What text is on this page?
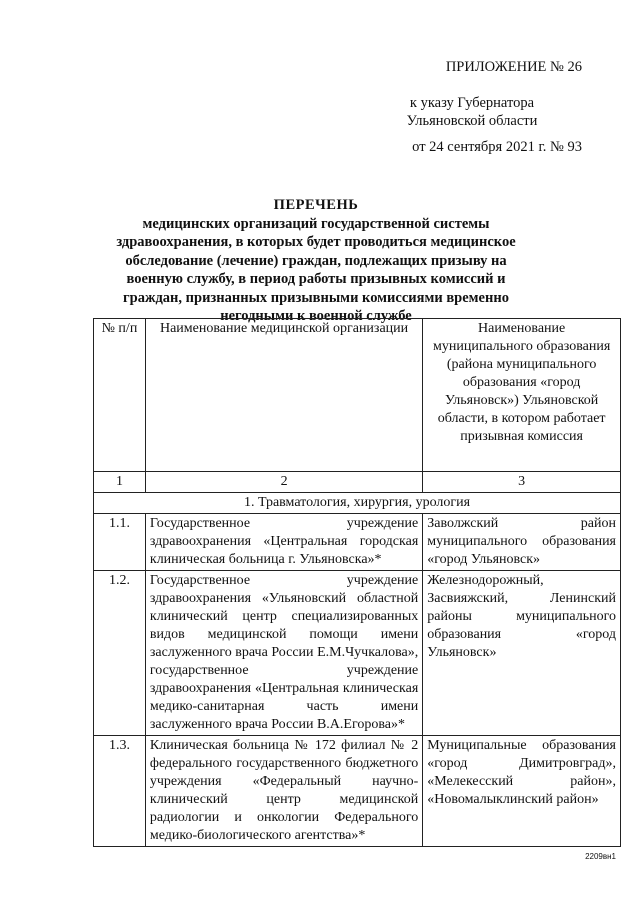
ПРИЛОЖЕНИЕ № 26
к указу Губернатора
Ульяновской области
от 24 сентября 2021 г. № 93
ПЕРЕЧЕНЬ
медицинских организаций государственной системы здравоохранения, в которых будет проводиться медицинское обследование (лечение) граждан, подлежащих призыву на военную службу, в период работы призывных комиссий и граждан, признанных призывными комиссиями временно негодными к военной службе
№ п/п	Наименование медицинской организации	Наименование муниципального образования (района муниципального образования «город Ульяновск») Ульяновской области, в котором работает призывная комиссия
1	2	3
1. Травматология, хирургия, урология		
1.1.	Государственное учреждение здравоохранения «Центральная городская клиническая больница г. Ульяновска»*	Заволжский район муниципального образования «город Ульяновск»
1.2.	Государственное учреждение здравоохранения «Ульяновский областной клинический центр специализированных видов медицинской помощи имени заслуженного врача России Е.М.Чучкалова», государственное учреждение здравоохранения «Центральная клиническая медико-санитарная часть имени заслуженного врача России В.А.Егорова»*	Железнодорожный, Засвияжский, Ленинский районы муниципального образования «город Ульяновск»
1.3.	Клиническая больница № 172 филиал № 2 федерального государственного бюджетного учреждения «Федеральный научно-клинический центр медицинской радиологии и онкологии Федерального медико-биологического агентства»*	Муниципальные образования «город Димитровград», «Мелекесский район», «Новомалыклинский район»
2209вн1
